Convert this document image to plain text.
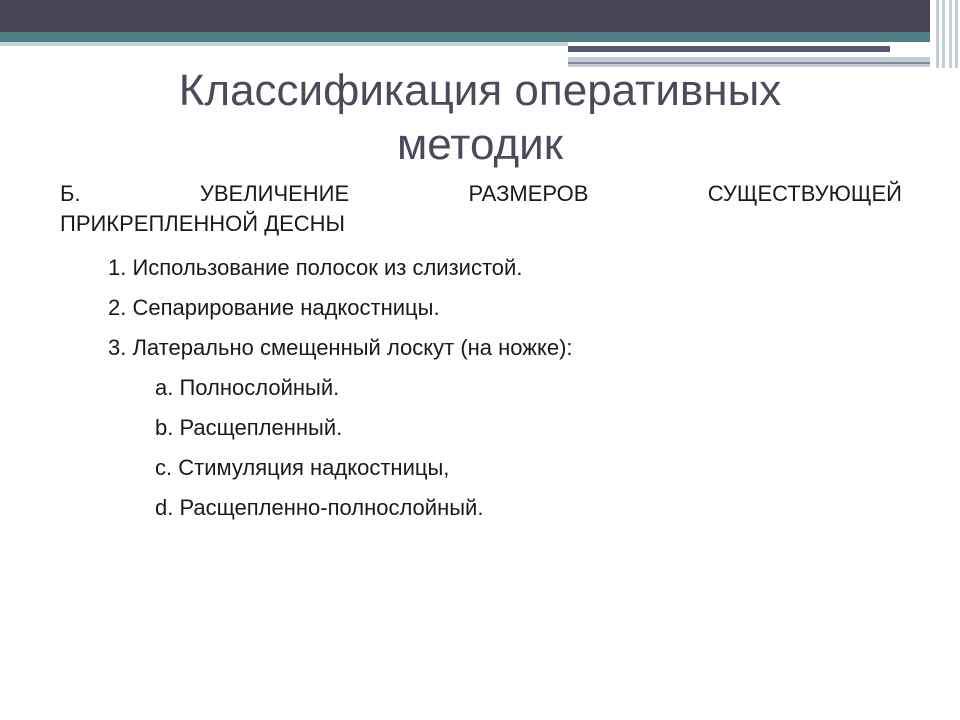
Классификация оперативных методик
Б.	УВЕЛИЧЕНИЕ	РАЗМЕРОВ	СУЩЕСТВУЮЩЕЙ
ПРИКРЕПЛЕННОЙ ДЕСНЫ
1. Использование полосок из слизистой.
2. Сепарирование надкостницы.
3. Латерально смещенный лоскут (на ножке):
a. Полнослойный.
b. Расщепленный.
c. Стимуляция надкостницы,
d. Расщепленно-полнослойный.
